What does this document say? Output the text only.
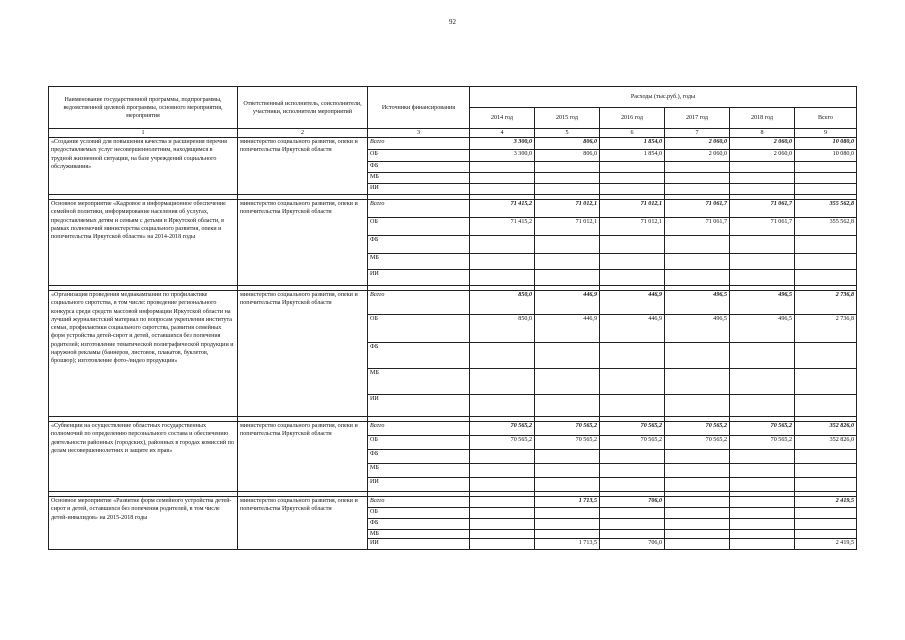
92
Наименование государственной программы, подпрограммы, ведомственной целевой программы, основного мероприятия, мероприятия	Ответственный исполнитель, соисполнители, участники, исполнители мероприятий	Источники финансирования	Расходы (тыс.руб.), годы					
			2014 год	2015 год	2016 год	2017 год	2018 год	Всего
1	2	3	4	5	6	7	8	9
«Создание условий для повышения качества и расширения перечня предоставляемых услуг несовершеннолетним, находящимся в трудной жизненной ситуации, на базе учреждений социального обслуживания»	министерство социального развития, опеки и попечительства Иркутской области	Всего	3 300,0	806,0	1 854,0	2 060,0	2 060,0	10 080,0
		ОБ	3 300,0	806,0	1 854,0	2 060,0	2 060,0	10 080,0
		ФБ						
		МБ						
		ИИ						

Основное мероприятие «Кадровое и информационное обеспечение семейной политики, информирование населения об услугах, предоставляемых детям и семьям с детьми в Иркутской области, в рамках полномочий министерства социального развития, опеки и попечительства Иркутской области» на 2014-2018 годы	министерство социального развития, опеки и попечительства Иркутской области	Всего	71 415,2	71 012,1	71 012,1	71 061,7	71 061,7	355 562,8
		ОБ	71 415,2	71 012,1	71 012,1	71 061,7	71 061,7	355 562,8
		ФБ						
		МБ						
		ИИ						

«Организация проведения медиакампании по профилактике социального сиротства, в том числе: проведение регионального конкурса среди средств массовой информации Иркутской области на лучший журналистский материал по вопросам укрепления института семьи, профилактики социального сиротства, развития семейных форм устройства детей-сирот и детей, оставшихся без попечения родителей; изготовление тематической полиграфической продукции и наружной рекламы (баннеров, листовок, плакатов, буклетов, брошюр); изготовление фото-/видео продукции»	министерство социального развития, опеки и попечительства Иркутской области	Всего	850,0	446,9	446,9	496,5	496,5	2 736,8
		ОБ	850,0	446,9	446,9	496,5	496,5	2 736,8
		ФБ						
		МБ						
		ИИ						

«Субвенции на осуществление областных государственных полномочий по определению персонального состава и обеспечению деятельности районных (городских), районных в городах комиссий по делам несовершеннолетних и защите их прав»	министерство социального развития, опеки и попечительства Иркутской области	Всего	70 565,2	70 565,2	70 565,2	70 565,2	70 565,2	352 826,0
		ОБ	70 565,2	70 565,2	70 565,2	70 565,2	70 565,2	352 826,0
		ФБ						
		МБ						
		ИИ						

Основное мероприятие «Развитие форм семейного устройства детей-сирот и детей, оставшихся без попечения родителей, в том числе детей-инвалидов» на 2015-2018 годы	министерство социального развития, опеки и попечительства Иркутской области	Всего		1 713,5	706,0			2 419,5
		ОБ						
		ФБ						
		МБ						
		ИИ		1 713,5	706,0			2 419,5
